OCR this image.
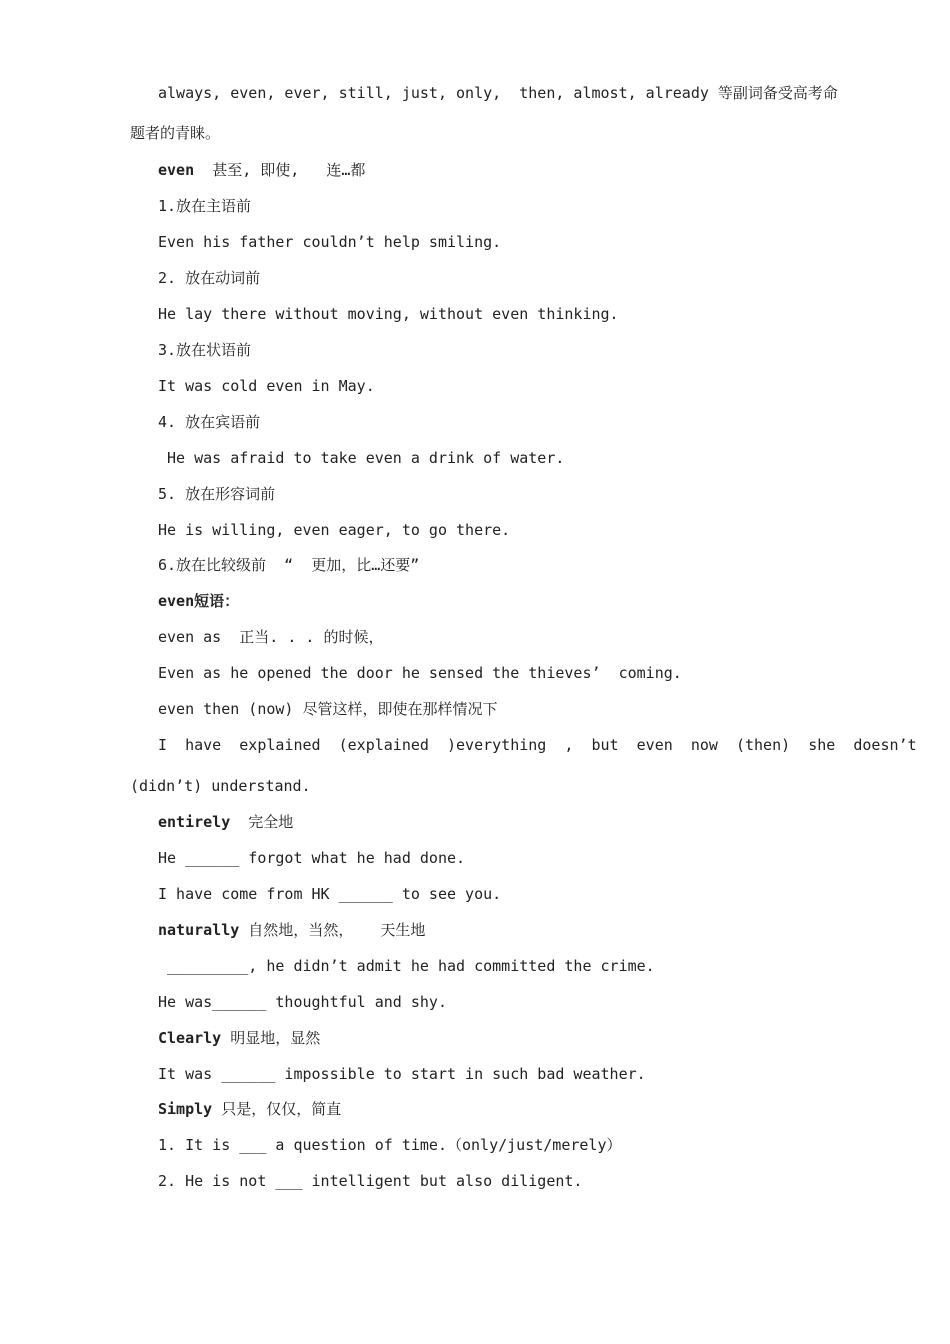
always, even, ever, still, just, only,  then, almost, already 等副词备受高考命
题者的青睐。
even 甚至, 即使,   连…都
1.放在主语前
Even his father couldn’t help smiling.
2. 放在动词前
He lay there without moving, without even thinking.
3.放在状语前
It was cold even in May.
4. 放在宾语前
He was afraid to take even a drink of water.
5. 放在形容词前
He is willing, even eager, to go there.
6.放在比较级前  “  更加，比…还要”
even短语：
even as  正当. . . 的时候，
Even as he opened the door he sensed the thieves’  coming.
even then (now) 尽管这样，即使在那样情况下
I  have  explained  (explained  )everything  ,  but  even  now  (then)  she  doesn’t
(didn’t) understand.
entirely  完全地
He ______ forgot what he had done.
I have come from HK ______ to see you.
naturally 自然地，当然，   天生地
_________, he didn’t admit he had committed the crime.
He was______ thoughtful and shy.
Clearly 明显地，显然
It was ______ impossible to start in such bad weather.
Simply 只是，仅仅，简直
1. It is ___ a question of time.（only/just/merely）
2. He is not ___ intelligent but also diligent.
